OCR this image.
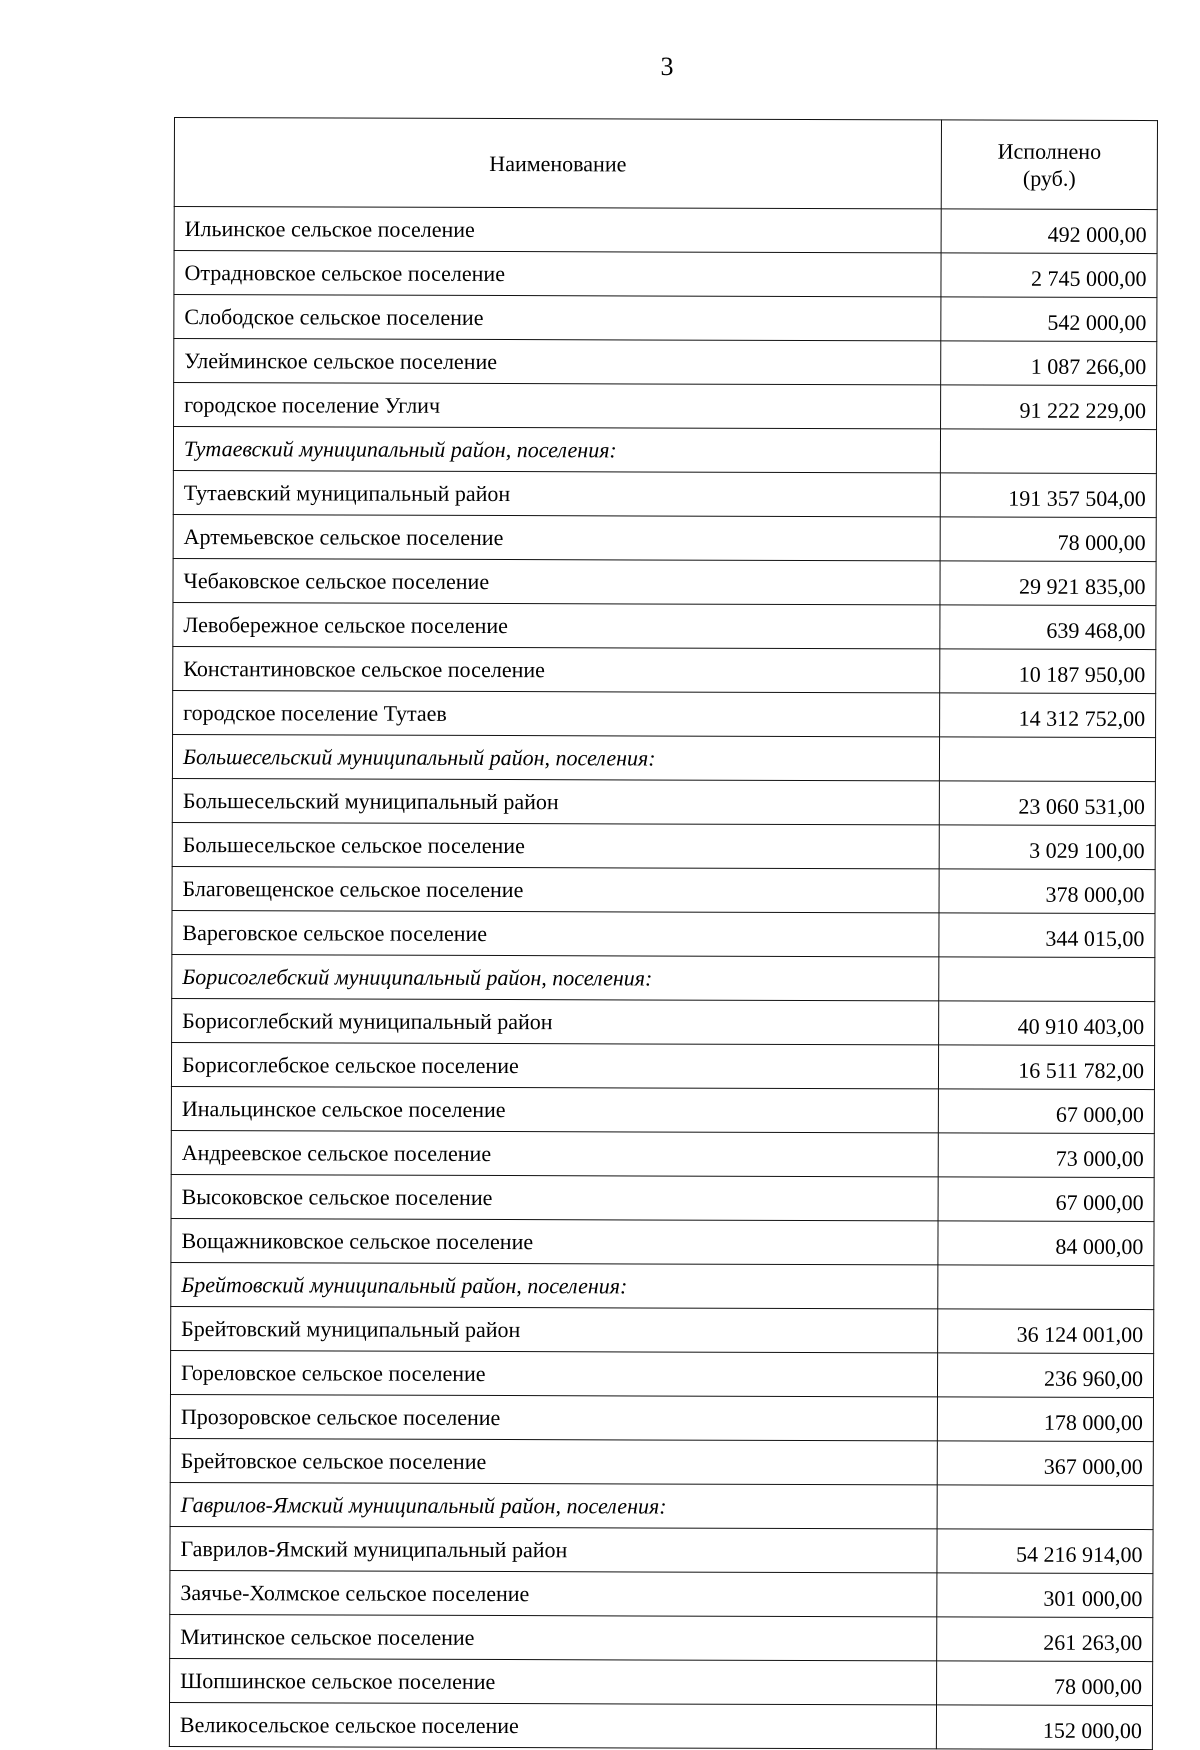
3
Наименование	Исполнено
(руб.)

Ильинское сельское поселение	492 000,00
Отрадновское сельское поселение	2 745 000,00
Слободское сельское поселение	542 000,00
Улейминское сельское поселение	1 087 266,00
городское поселение Углич	91 222 229,00
Тутаевский муниципальный район, поселения:	
Тутаевский муниципальный район	191 357 504,00
Артемьевское сельское поселение	78 000,00
Чебаковское сельское поселение	29 921 835,00
Левобережное сельское поселение	639 468,00
Константиновское сельское поселение	10 187 950,00
городское поселение Тутаев	14 312 752,00
Большесельский муниципальный район, поселения:	
Большесельский муниципальный район	23 060 531,00
Большесельское сельское поселение	3 029 100,00
Благовещенское сельское поселение	378 000,00
Вареговское сельское поселение	344 015,00
Борисоглебский муниципальный район, поселения:	
Борисоглебский муниципальный район	40 910 403,00
Борисоглебское сельское поселение	16 511 782,00
Инальцинское сельское поселение	67 000,00
Андреевское сельское поселение	73 000,00
Высоковское сельское поселение	67 000,00
Вощажниковское сельское поселение	84 000,00
Брейтовский муниципальный район, поселения:	
Брейтовский муниципальный район	36 124 001,00
Гореловское сельское поселение	236 960,00
Прозоровское сельское поселение	178 000,00
Брейтовское сельское поселение	367 000,00
Гаврилов-Ямский муниципальный район, поселения:	
Гаврилов-Ямский муниципальный район	54 216 914,00
Заячье-Холмское сельское поселение	301 000,00
Митинское сельское поселение	261 263,00
Шопшинское сельское поселение	78 000,00
Великосельское сельское поселение	152 000,00
